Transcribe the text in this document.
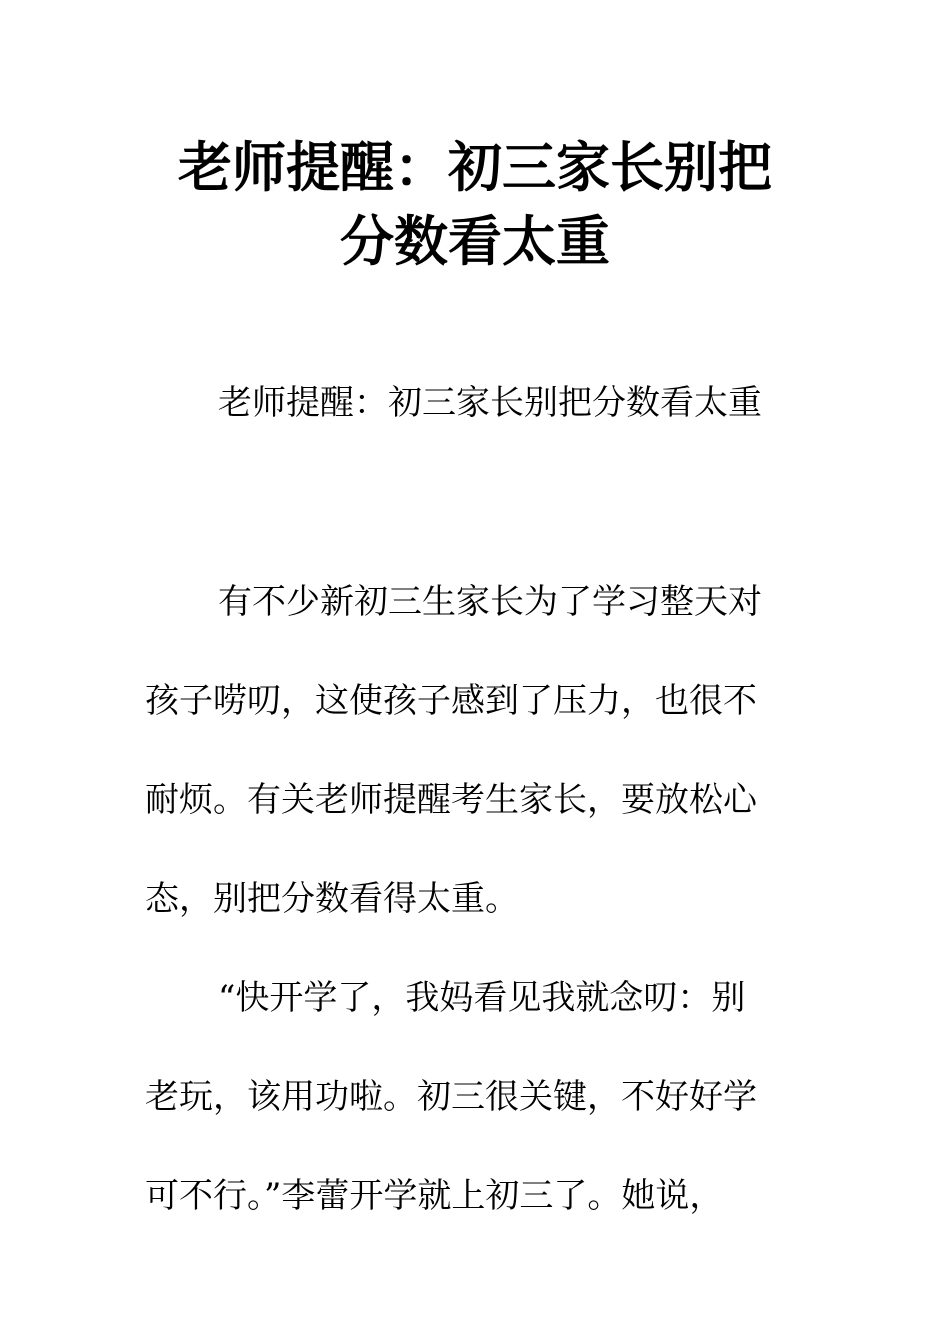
老师提醒：初三家长别把
分数看太重
老师提醒：初三家长别把分数看太重
有不少新初三生家长为了学习整天对
孩子唠叨，这使孩子感到了压力，也很不
耐烦。有关老师提醒考生家长，要放松心
态，别把分数看得太重。
“快开学了，我妈看见我就念叨：别
老玩，该用功啦。初三很关键，不好好学
可不行。”李蕾开学就上初三了。她说，
